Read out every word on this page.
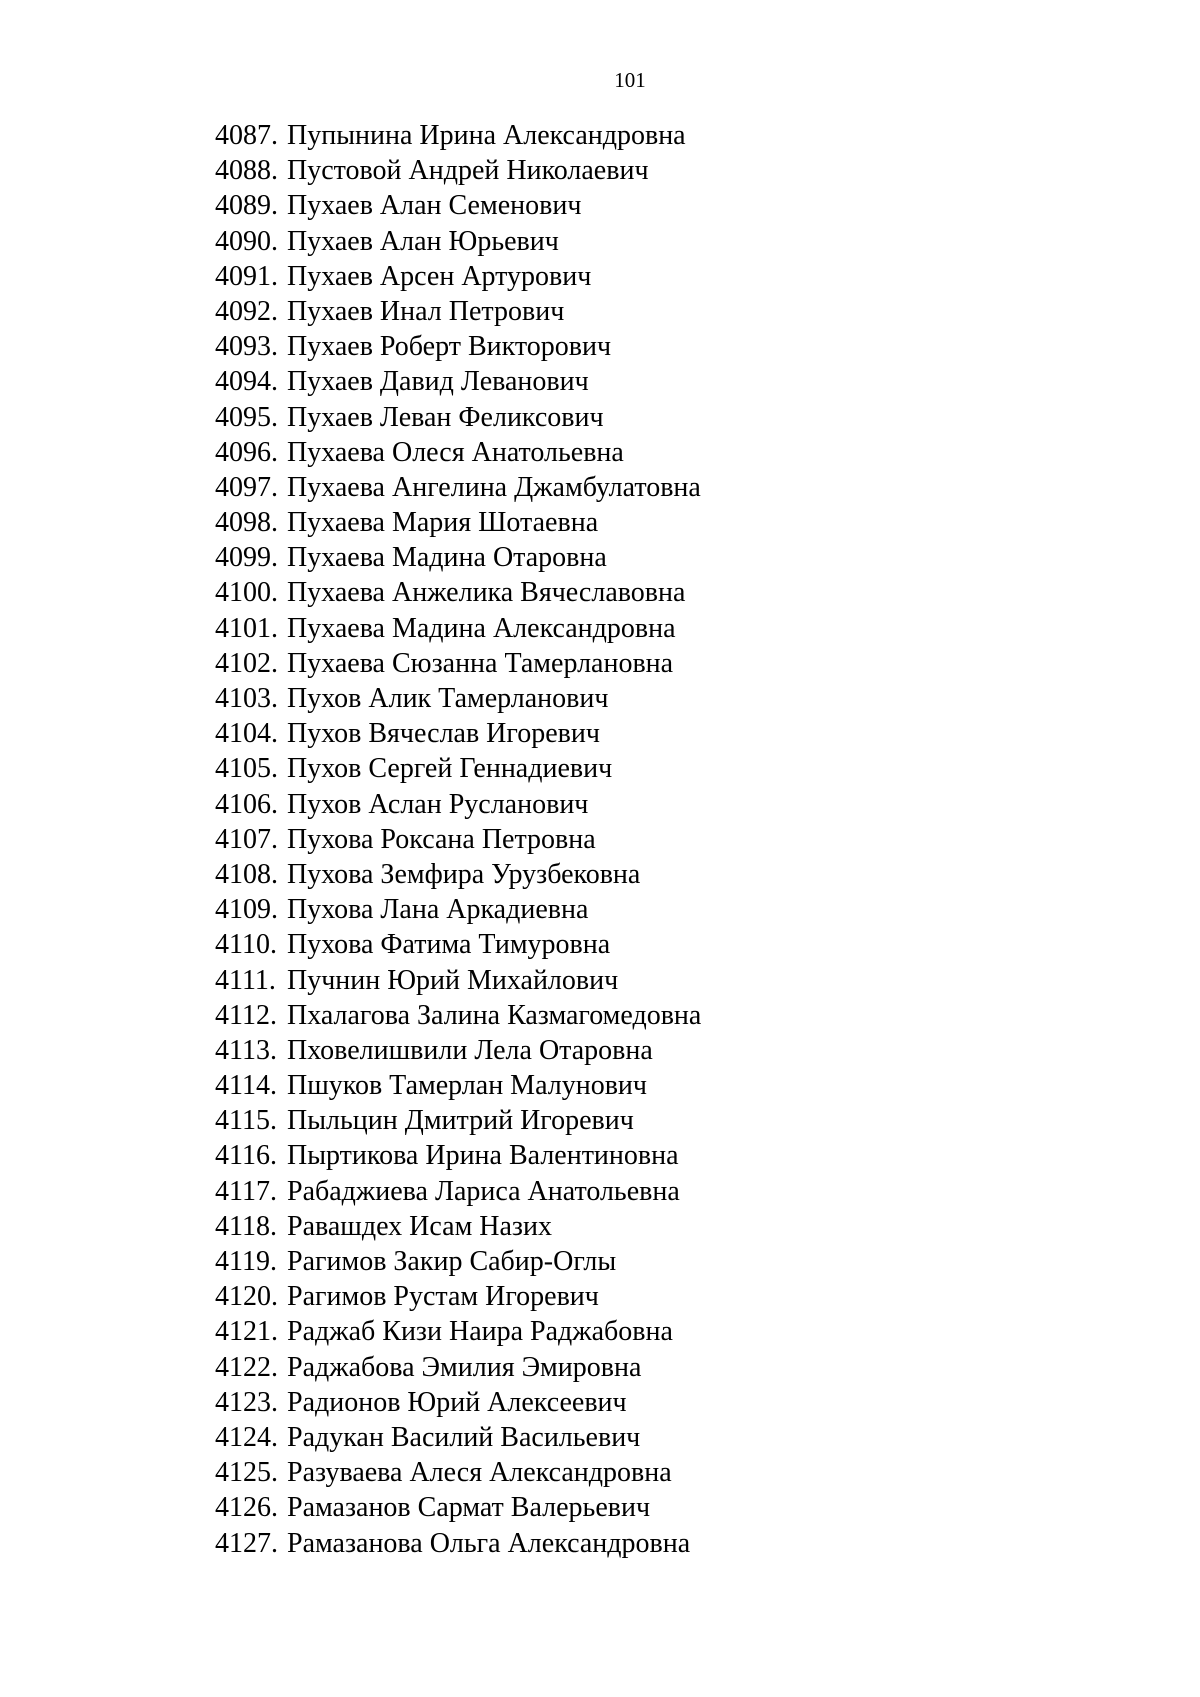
101
4087. Пупынина Ирина Александровна
4088. Пустовой Андрей Николаевич
4089. Пухаев Алан Семенович
4090. Пухаев Алан Юрьевич
4091. Пухаев Арсен Артурович
4092. Пухаев Инал Петрович
4093. Пухаев Роберт Викторович
4094. Пухаев Давид Леванович
4095. Пухаев Леван Феликсович
4096. Пухаева Олеся Анатольевна
4097. Пухаева Ангелина Джамбулатовна
4098. Пухаева Мария Шотаевна
4099. Пухаева Мадина Отаровна
4100. Пухаева Анжелика Вячеславовна
4101. Пухаева Мадина Александровна
4102. Пухаева Сюзанна Тамерлановна
4103. Пухов Алик Тамерланович
4104. Пухов Вячеслав Игоревич
4105. Пухов Сергей Геннадиевич
4106. Пухов Аслан Русланович
4107. Пухова Роксана Петровна
4108. Пухова Земфира Урузбековна
4109. Пухова Лана Аркадиевна
4110. Пухова Фатима Тимуровна
4111. Пучнин Юрий Михайлович
4112. Пхалагова Залина Казмагомедовна
4113. Пховелишвили Лела Отаровна
4114. Пшуков Тамерлан Малунович
4115. Пыльцин Дмитрий Игоревич
4116. Пыртикова Ирина Валентиновна
4117. Рабаджиева Лариса Анатольевна
4118. Равашдех Исам Назих
4119. Рагимов Закир Сабир-Оглы
4120. Рагимов Рустам Игоревич
4121. Раджаб Кизи Наира Раджабовна
4122. Раджабова Эмилия Эмировна
4123. Радионов Юрий Алексеевич
4124. Радукан Василий Васильевич
4125. Разуваева Алеся Александровна
4126. Рамазанов Сармат Валерьевич
4127. Рамазанова Ольга Александровна
